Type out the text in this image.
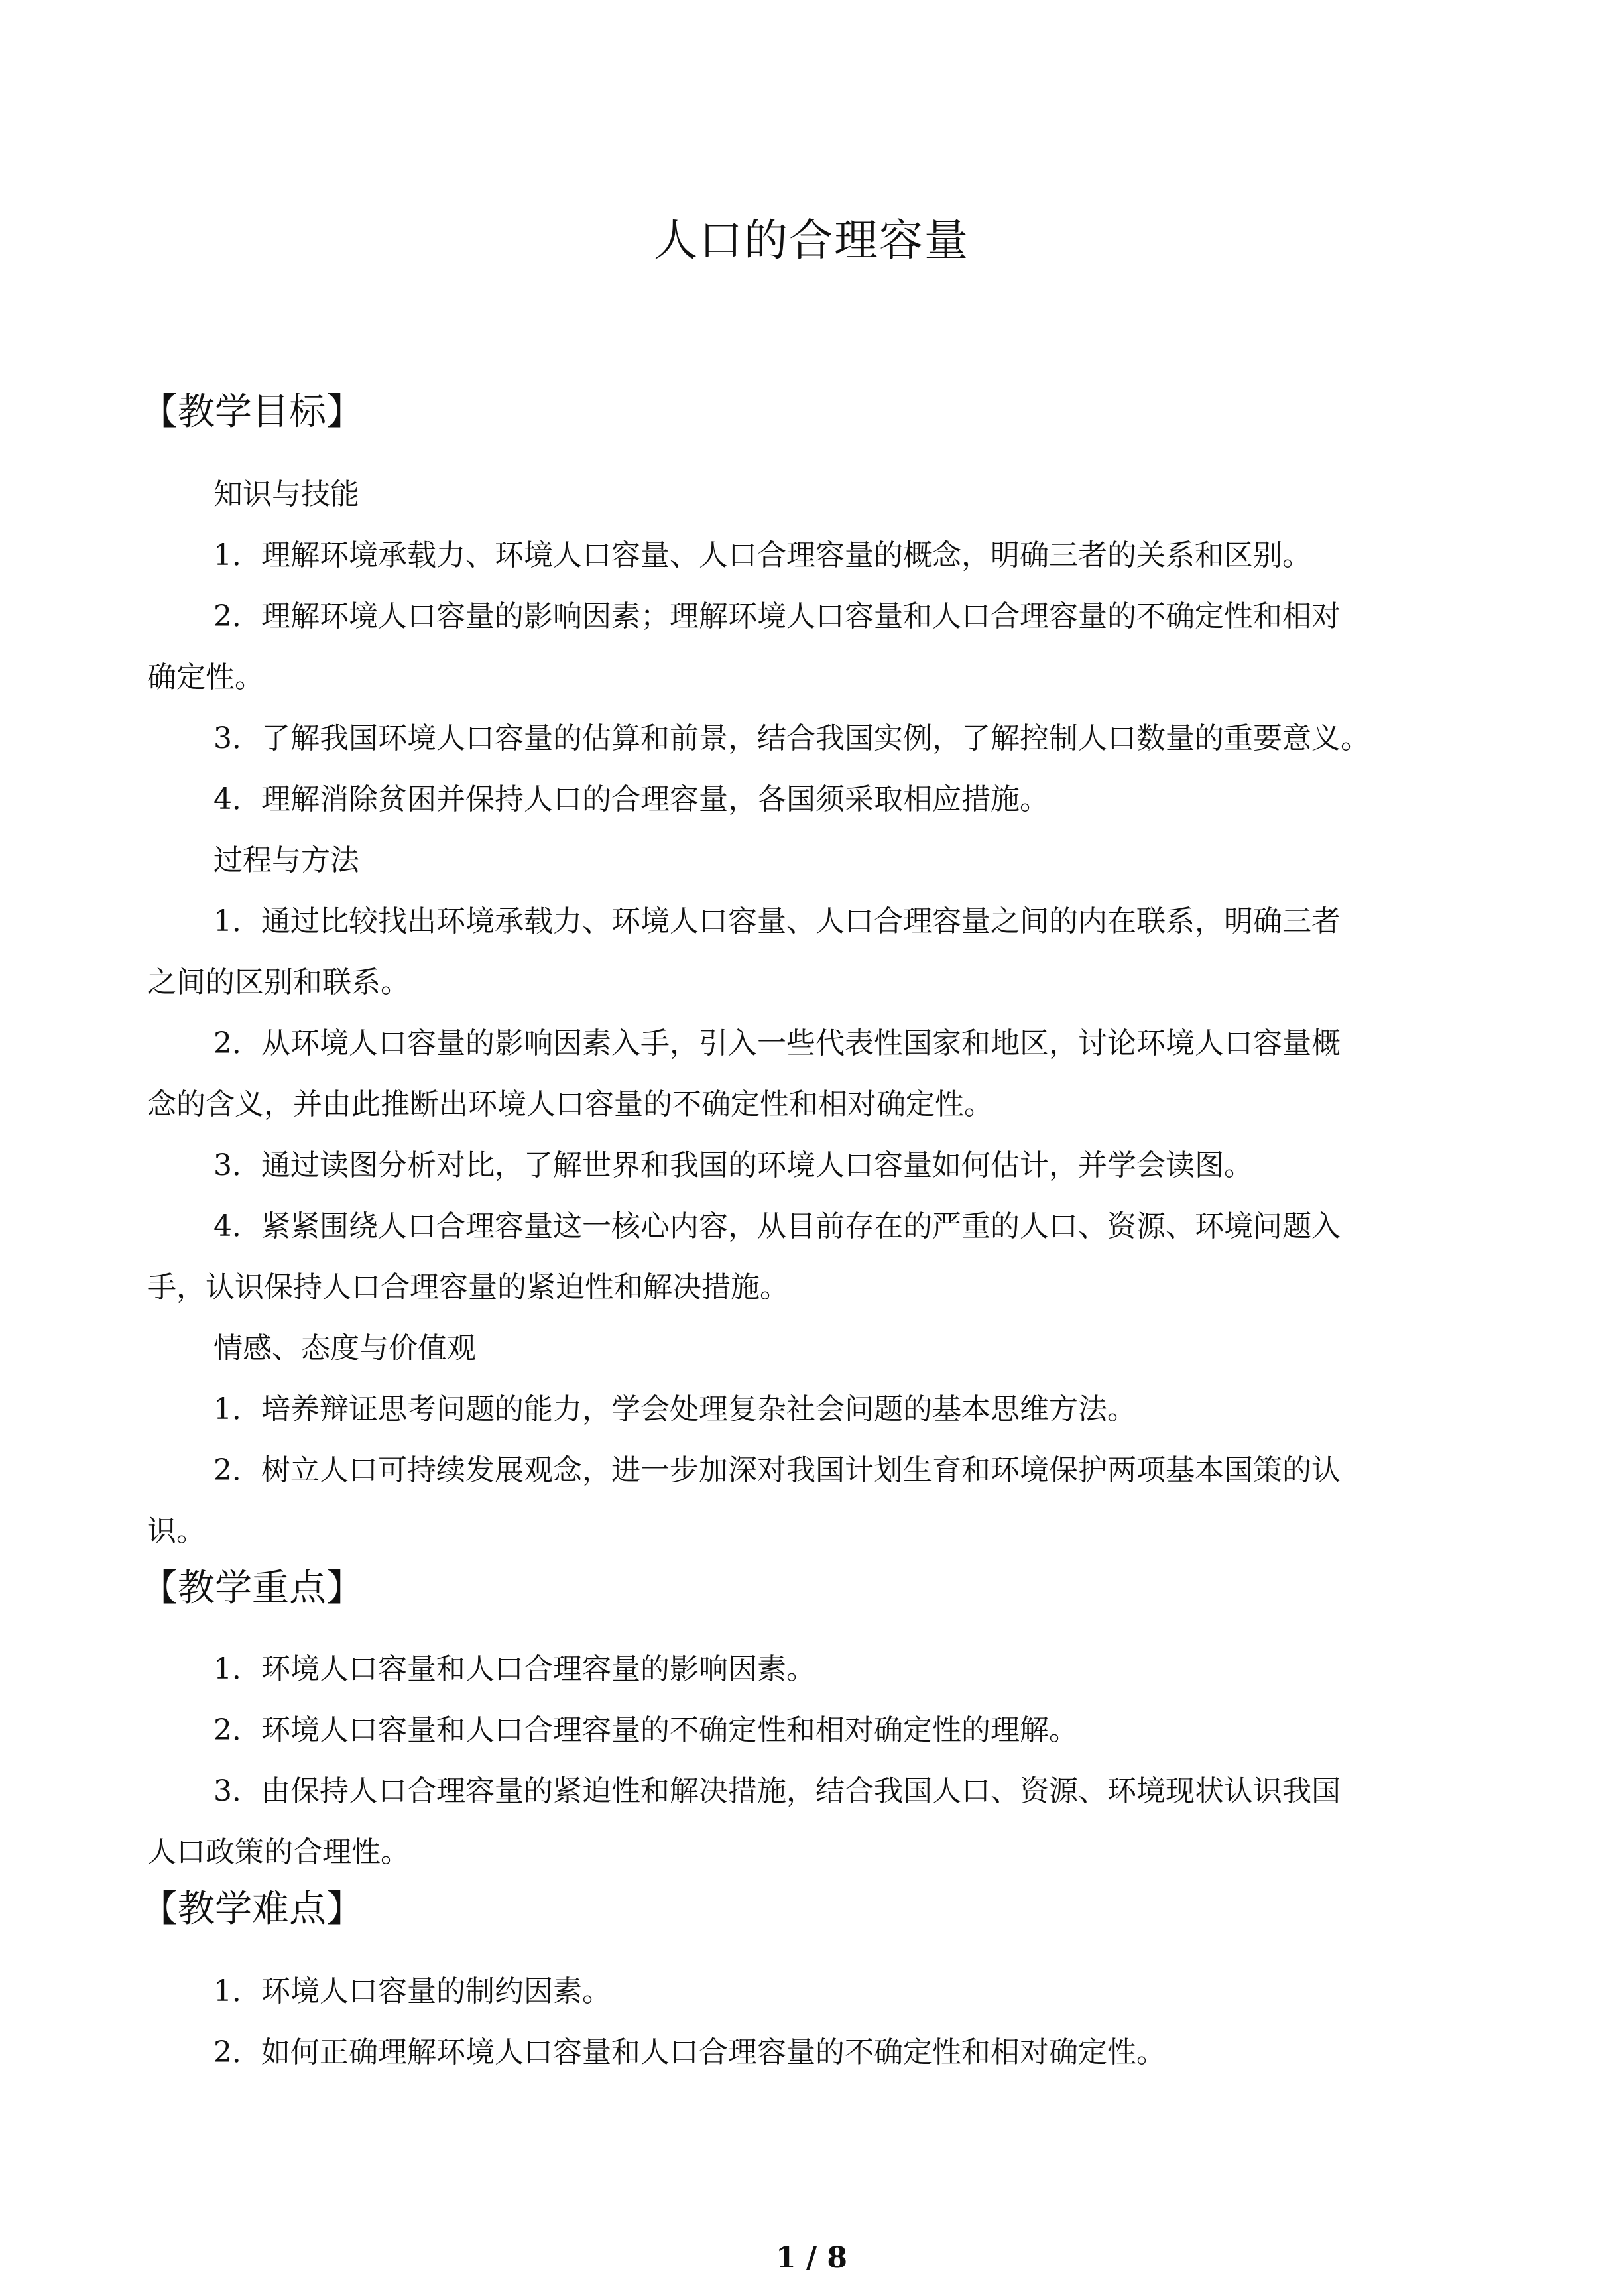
人口的合理容量
【教学目标】
知识与技能
1．理解环境承载力、环境人口容量、人口合理容量的概念，明确三者的关系和区别。
2．理解环境人口容量的影响因素；理解环境人口容量和人口合理容量的不确定性和相对
确定性。
3．了解我国环境人口容量的估算和前景，结合我国实例，了解控制人口数量的重要意义。
4．理解消除贫困并保持人口的合理容量，各国须采取相应措施。
过程与方法
1．通过比较找出环境承载力、环境人口容量、人口合理容量之间的内在联系，明确三者
之间的区别和联系。
2．从环境人口容量的影响因素入手，引入一些代表性国家和地区，讨论环境人口容量概
念的含义，并由此推断出环境人口容量的不确定性和相对确定性。
3．通过读图分析对比，了解世界和我国的环境人口容量如何估计，并学会读图。
4．紧紧围绕人口合理容量这一核心内容，从目前存在的严重的人口、资源、环境问题入
手，认识保持人口合理容量的紧迫性和解决措施。
情感、态度与价值观
1．培养辩证思考问题的能力，学会处理复杂社会问题的基本思维方法。
2．树立人口可持续发展观念，进一步加深对我国计划生育和环境保护两项基本国策的认
识。
【教学重点】
1．环境人口容量和人口合理容量的影响因素。
2．环境人口容量和人口合理容量的不确定性和相对确定性的理解。
3．由保持人口合理容量的紧迫性和解决措施，结合我国人口、资源、环境现状认识我国
人口政策的合理性。
【教学难点】
1．环境人口容量的制约因素。
2．如何正确理解环境人口容量和人口合理容量的不确定性和相对确定性。
1 / 8
